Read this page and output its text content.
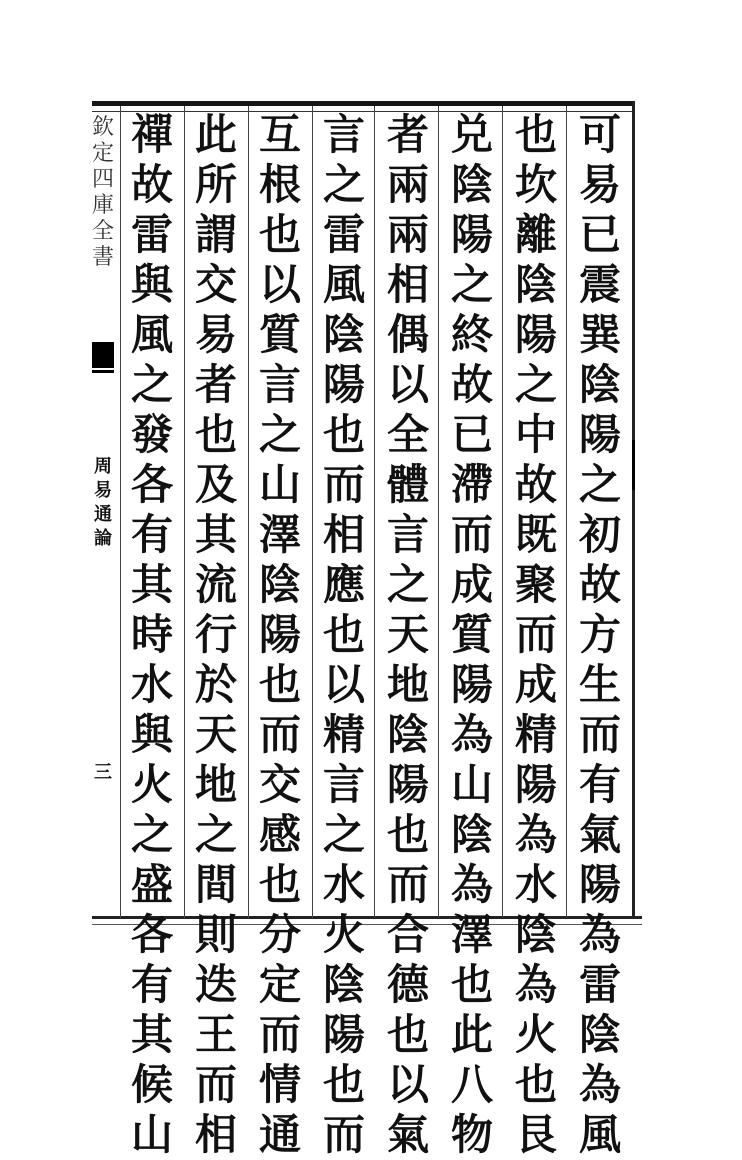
欽
定
四
庫
全
書
周
易
通
論
三
可
易
已
震
巽
陰
陽
之
初
故
方
生
而
有
氣
陽
為
雷
陰
為
風
也
坎
離
陰
陽
之
中
故
既
聚
而
成
精
陽
為
水
陰
為
火
也
艮
兑
陰
陽
之
終
故
已
滯
而
成
質
陽
為
山
陰
為
澤
也
此
八
物
者
兩
兩
相
偶
以
全
體
言
之
天
地
陰
陽
也
而
合
德
也
以
氣
言
之
雷
風
陰
陽
也
而
相
應
也
以
精
言
之
水
火
陰
陽
也
而
互
根
也
以
質
言
之
山
澤
陰
陽
也
而
交
感
也
分
定
而
情
通
此
所
謂
交
易
者
也
及
其
流
行
於
天
地
之
間
則
迭
王
而
相
禪
故
雷
與
風
之
發
各
有
其
時
水
與
火
之
盛
各
有
其
候
山
